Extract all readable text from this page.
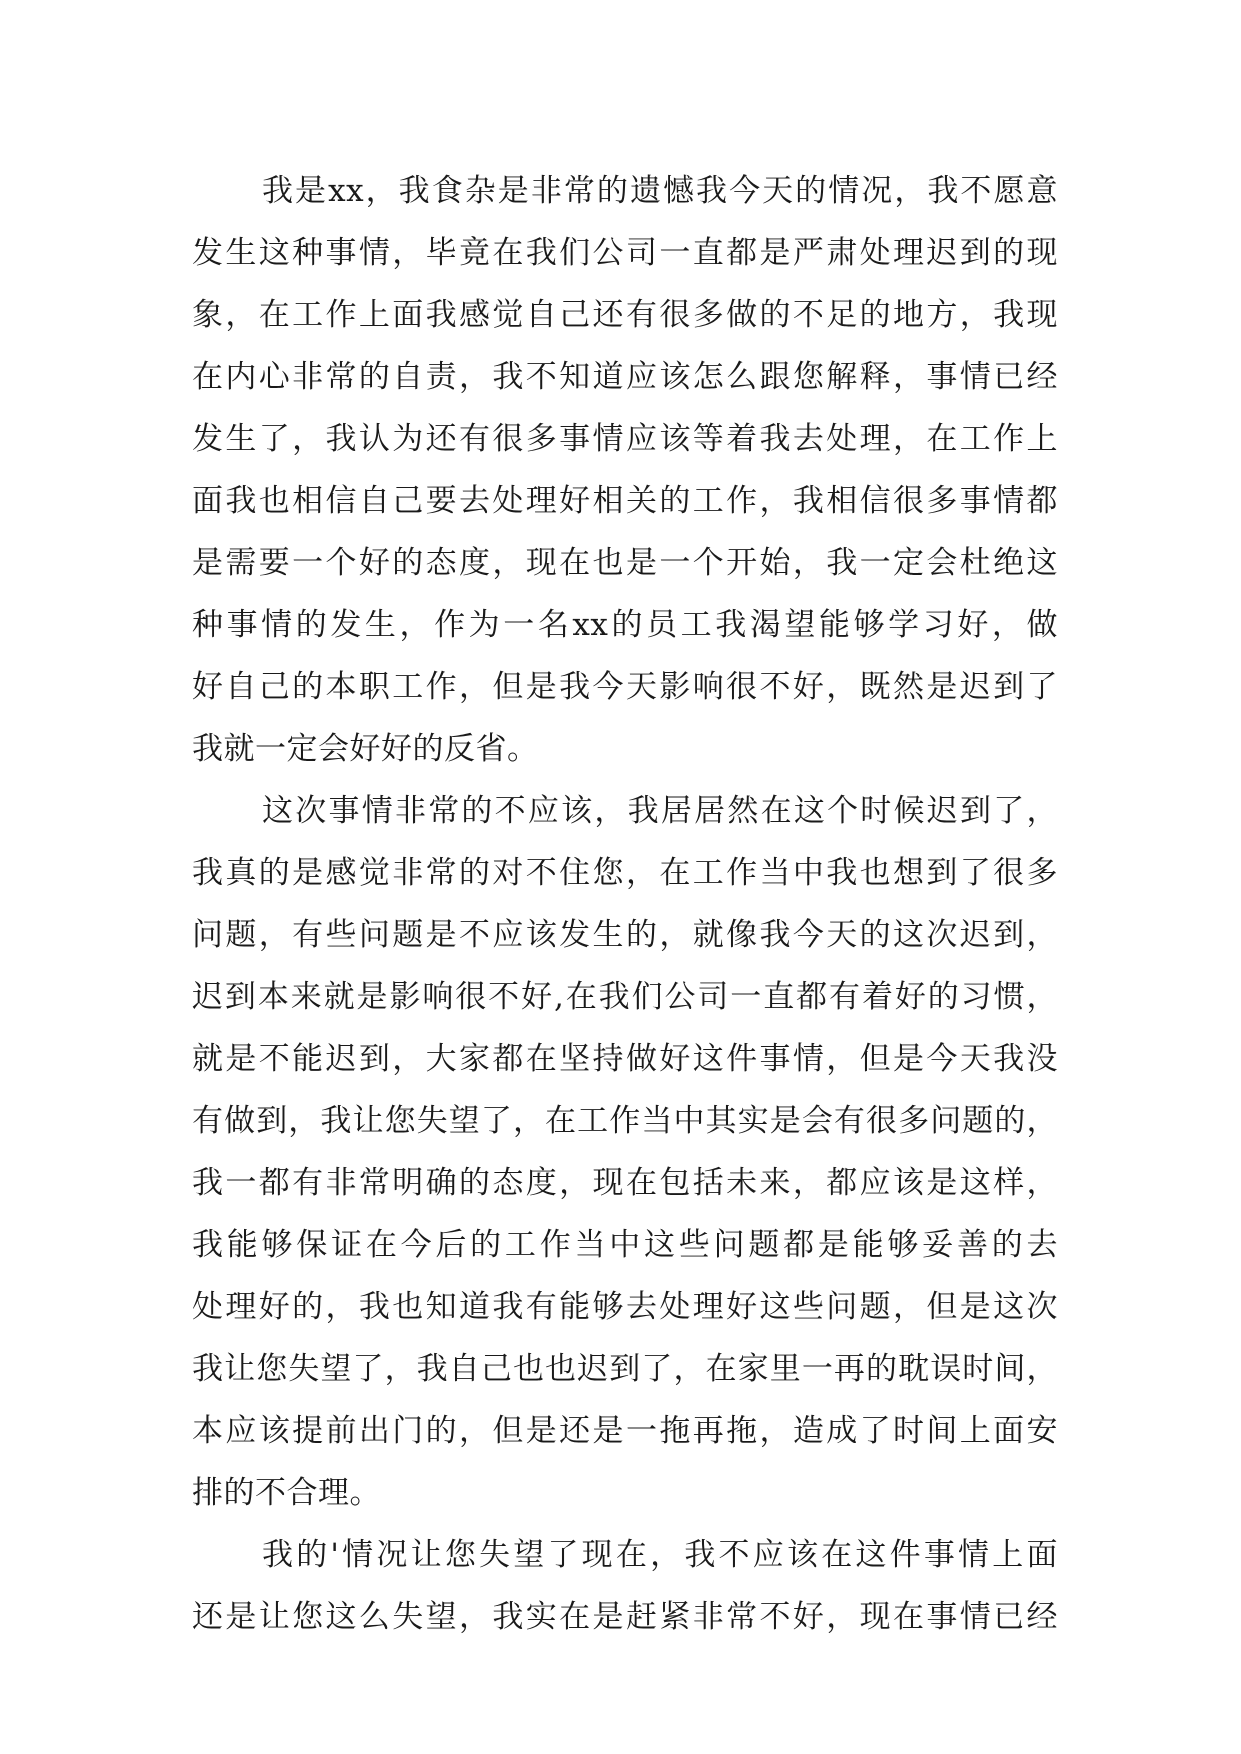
我是xx，我食杂是非常的遗憾我今天的情况，我不愿意
发生这种事情，毕竟在我们公司一直都是严肃处理迟到的现
象，在工作上面我感觉自己还有很多做的不足的地方，我现
在内心非常的自责，我不知道应该怎么跟您解释，事情已经
发生了，我认为还有很多事情应该等着我去处理，在工作上
面我也相信自己要去处理好相关的工作，我相信很多事情都
是需要一个好的态度，现在也是一个开始，我一定会杜绝这
种事情的发生，作为一名xx的员工我渴望能够学习好，做
好自己的本职工作，但是我今天影响很不好，既然是迟到了
我就一定会好好的反省。
这次事情非常的不应该，我居居然在这个时候迟到了，
我真的是感觉非常的对不住您，在工作当中我也想到了很多
问题，有些问题是不应该发生的，就像我今天的这次迟到，
迟到本来就是影响很不好,在我们公司一直都有着好的习惯，
就是不能迟到，大家都在坚持做好这件事情，但是今天我没
有做到，我让您失望了，在工作当中其实是会有很多问题的，
我一都有非常明确的态度，现在包括未来，都应该是这样，
我能够保证在今后的工作当中这些问题都是能够妥善的去
处理好的，我也知道我有能够去处理好这些问题，但是这次
我让您失望了，我自己也也迟到了，在家里一再的耽误时间，
本应该提前出门的，但是还是一拖再拖，造成了时间上面安
排的不合理。
我的'情况让您失望了现在，我不应该在这件事情上面
还是让您这么失望，我实在是赶紧非常不好，现在事情已经
